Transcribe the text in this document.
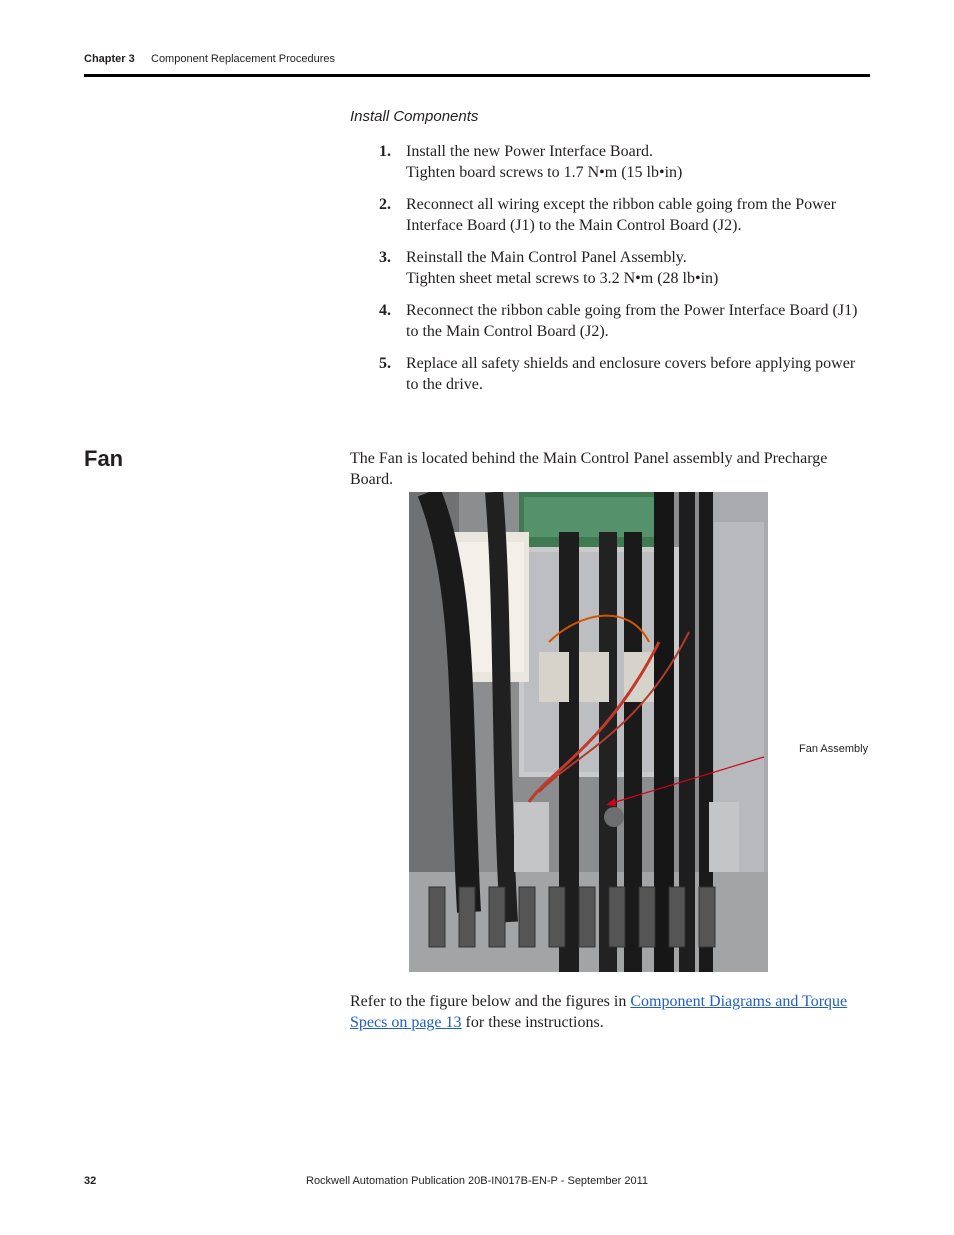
Chapter 3 Component Replacement Procedures
Install Components
1. Install the new Power Interface Board.
Tighten board screws to 1.7 N•m (15 lb•in)
2. Reconnect all wiring except the ribbon cable going from the Power Interface Board (J1) to the Main Control Board (J2).
3. Reinstall the Main Control Panel Assembly.
Tighten sheet metal screws to 3.2 N•m (28 lb•in)
4. Reconnect the ribbon cable going from the Power Interface Board (J1) to the Main Control Board (J2).
5. Replace all safety shields and enclosure covers before applying power to the drive.
Fan	The Fan is located behind the Main Control Panel assembly and Precharge Board.
Fan Assembly
Refer to the figure below and the figures in Component Diagrams and Torque Specs on page 13 for these instructions.
32	Rockwell Automation Publication 20B-IN017B-EN-P - September 2011
